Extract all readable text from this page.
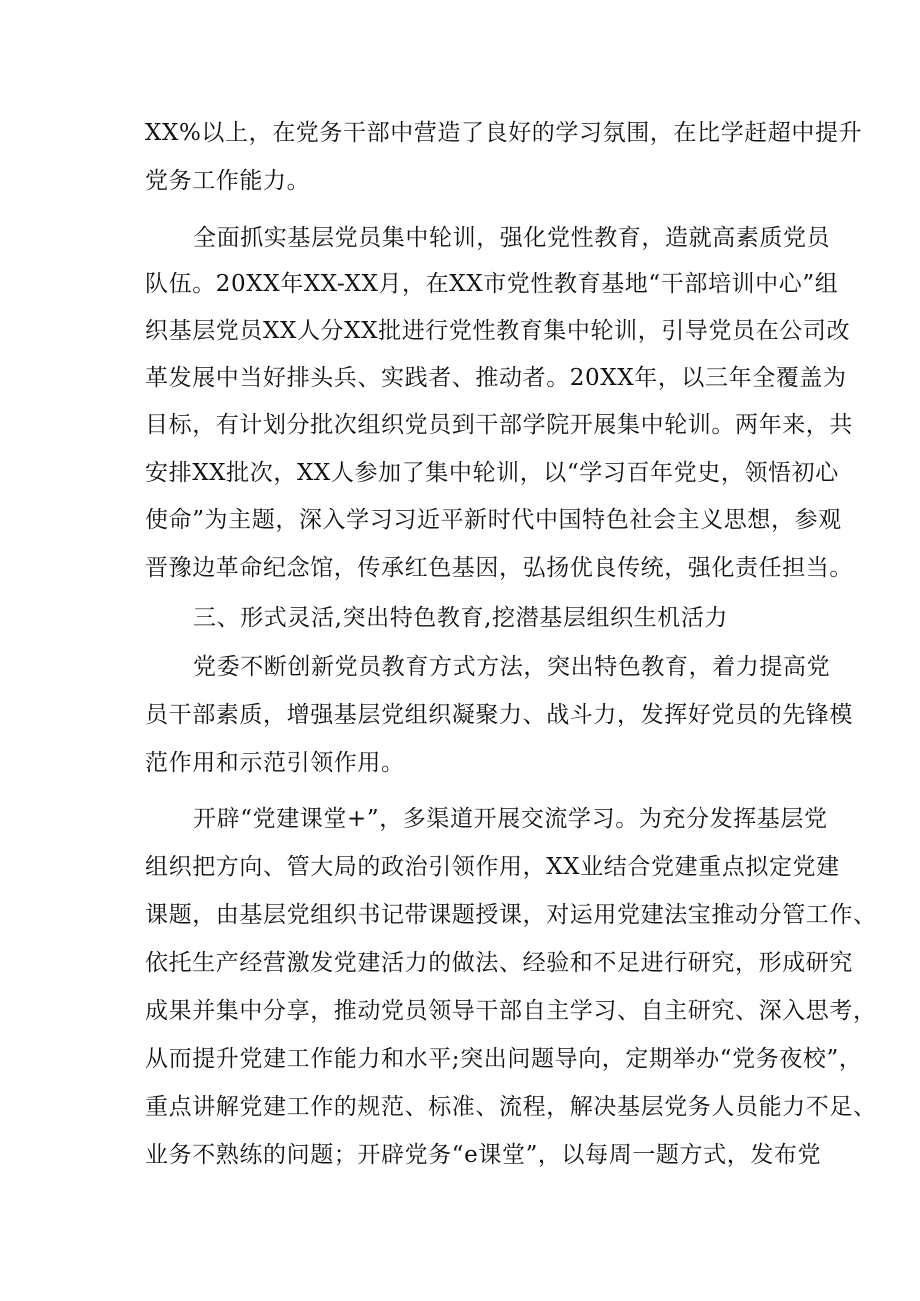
XX%以上，在党务干部中营造了良好的学习氛围，在比学赶超中提升
党务工作能力。
全面抓实基层党员集中轮训，强化党性教育，造就高素质党员
队伍。20XX年XX-XX月，在XX市党性教育基地“干部培训中心”组
织基层党员XX人分XX批进行党性教育集中轮训，引导党员在公司改
革发展中当好排头兵、实践者、推动者。20XX年，以三年全覆盖为
目标，有计划分批次组织党员到干部学院开展集中轮训。两年来，共
安排XX批次，XX人参加了集中轮训，以“学习百年党史，领悟初心
使命”为主题，深入学习习近平新时代中国特色社会主义思想，参观
晋豫边革命纪念馆，传承红色基因，弘扬优良传统，强化责任担当。
三、形式灵活,突出特色教育,挖潜基层组织生机活力
党委不断创新党员教育方式方法，突出特色教育，着力提高党
员干部素质，增强基层党组织凝聚力、战斗力，发挥好党员的先锋模
范作用和示范引领作用。
开辟“党建课堂+”，多渠道开展交流学习。为充分发挥基层党
组织把方向、管大局的政治引领作用，XX业结合党建重点拟定党建
课题，由基层党组织书记带课题授课，对运用党建法宝推动分管工作、
依托生产经营激发党建活力的做法、经验和不足进行研究，形成研究
成果并集中分享，推动党员领导干部自主学习、自主研究、深入思考，
从而提升党建工作能力和水平;突出问题导向，定期举办“党务夜校”，
重点讲解党建工作的规范、标准、流程，解决基层党务人员能力不足、
业务不熟练的问题；开辟党务“e课堂”，以每周一题方式，发布党
